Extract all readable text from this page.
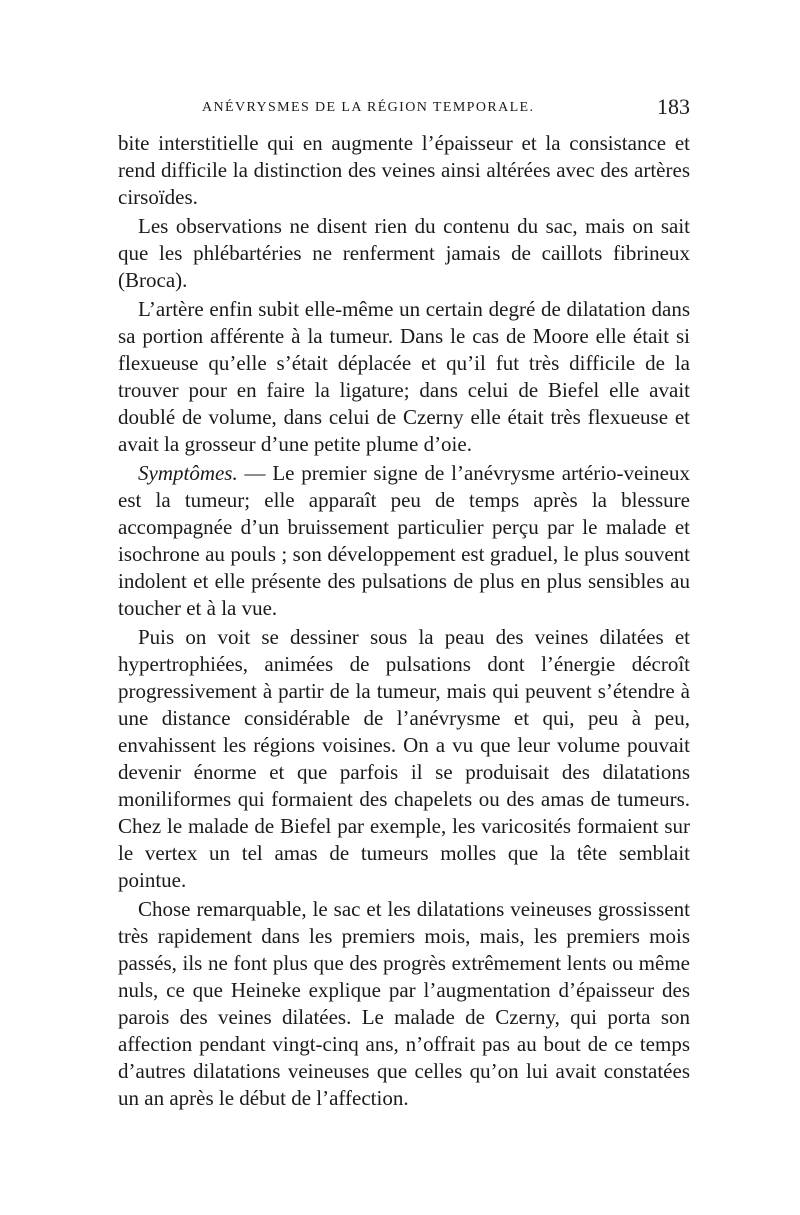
ANÉVRYSMES DE LA RÉGION TEMPORALE.	183

bite interstitielle qui en augmente l’épaisseur et la consistance et rend difficile la distinction des veines ainsi altérées avec des artères cirsoïdes.

Les observations ne disent rien du contenu du sac, mais on sait que les phlébartéries ne renferment jamais de caillots fibrineux (Broca).

L’artère enfin subit elle-même un certain degré de dilatation dans sa portion afférente à la tumeur. Dans le cas de Moore elle était si flexueuse qu’elle s’était déplacée et qu’il fut très difficile de la trouver pour en faire la ligature; dans celui de Biefel elle avait doublé de volume, dans celui de Czerny elle était très flexueuse et avait la grosseur d’une petite plume d’oie.

Symptômes. — Le premier signe de l’anévrysme artério-veineux est la tumeur; elle apparaît peu de temps après la blessure accompagnée d’un bruissement particulier perçu par le malade et isochrone au pouls ; son développement est graduel, le plus souvent indolent et elle présente des pulsations de plus en plus sensibles au toucher et à la vue.

Puis on voit se dessiner sous la peau des veines dilatées et hypertrophiées, animées de pulsations dont l’énergie décroît progressivement à partir de la tumeur, mais qui peuvent s’étendre à une distance considérable de l’anévrysme et qui, peu à peu, envahissent les régions voisines. On a vu que leur volume pouvait devenir énorme et que parfois il se produisait des dilatations moniliformes qui formaient des chapelets ou des amas de tumeurs. Chez le malade de Biefel par exemple, les varicosités formaient sur le vertex un tel amas de tumeurs molles que la tête semblait pointue.

Chose remarquable, le sac et les dilatations veineuses grossissent très rapidement dans les premiers mois, mais, les premiers mois passés, ils ne font plus que des progrès extrêmement lents ou même nuls, ce que Heineke explique par l’augmentation d’épaisseur des parois des veines dilatées. Le malade de Czerny, qui porta son affection pendant vingt-cinq ans, n’offrait pas au bout de ce temps d’autres dilatations veineuses que celles qu’on lui avait constatées un an après le début de l’affection.
